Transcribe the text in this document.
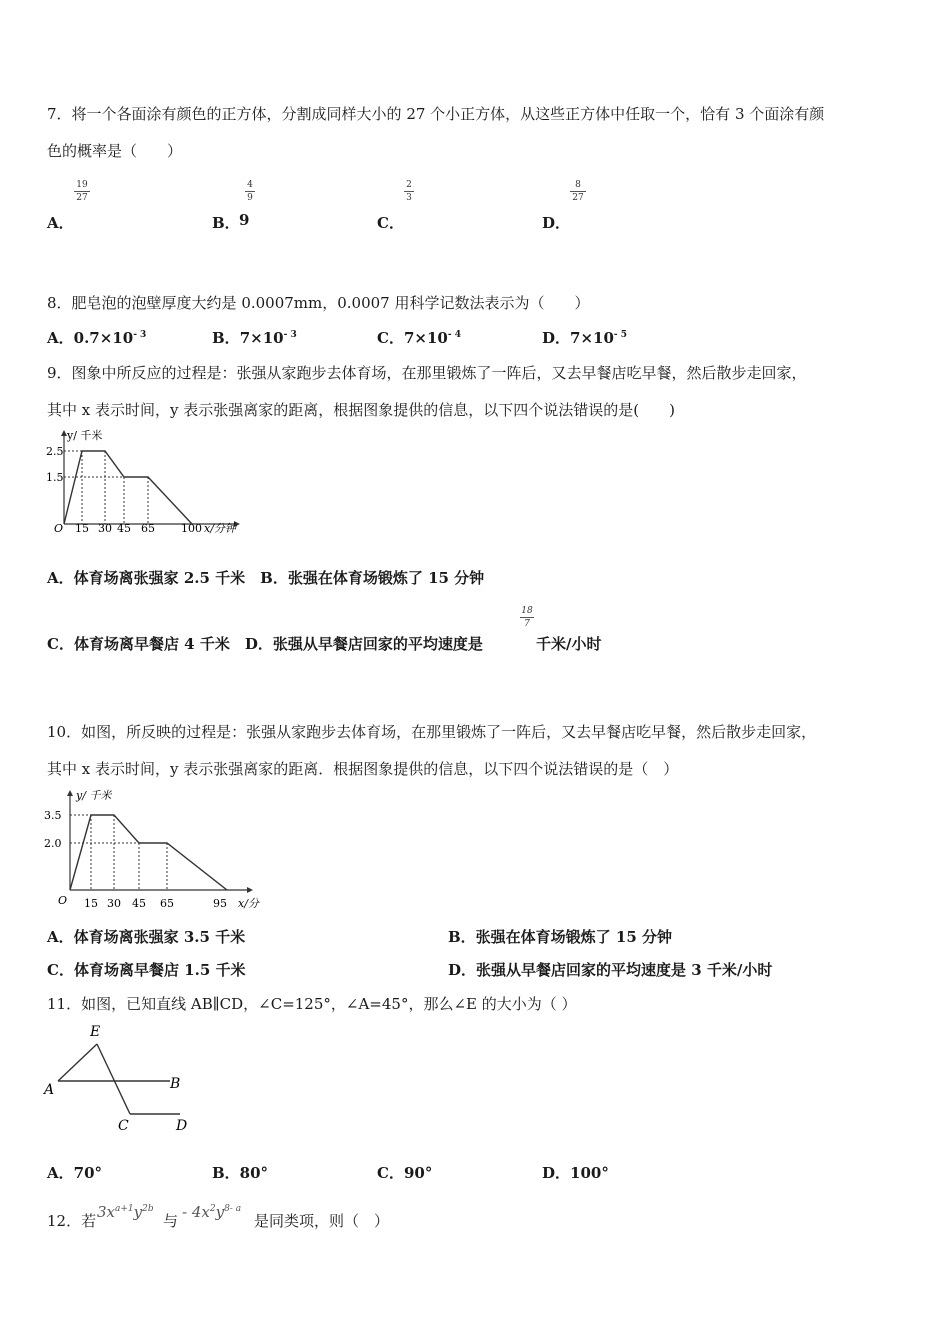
7．将一个各面涂有颜色的正方体，分割成同样大小的 27 个小正方体，从这些正方体中任取一个，恰有 3 个面涂有颜
色的概率是（　　）
A．
19
27
B．
4
9
9	C．
2
3
D．
8
27
8．肥皂泡的泡壁厚度大约是 0.0007mm，0.0007 用科学记数法表示为（　　）
A．$0.7\times 10^{- 3}$	B．$7\times 10^{- 3}$	C．$7\times 10^{- 4}$	D．$7\times 10^{- 5}$
9．图象中所反应的过程是：张强从家跑步去体育场，在那里锻炼了一阵后，又去早餐店吃早餐，然后散步走回家，
其中 x 表示时间，y 表示张强离家的距离，根据图象提供的信息，以下四个说法错误的是(　　)
y/ 千米
x/分钟
O
2.5
1.5
15 30 45 65 100
A．体育场离张强家 2.5 千米　B．张强在体育场锻炼了 15 分钟
C．体育场离早餐店 4 千米　D．张强从早餐店回家的平均速度是
18
7
千米/小时
10．如图，所反映的过程是：张强从家跑步去体育场，在那里锻炼了一阵后，又去早餐店吃早餐，然后散步走回家，
其中 x 表示时间，y 表示张强离家的距离．根据图象提供的信息，以下四个说法错误的是（　）
y/ 千米
x/分
O
3.5
2.0
15 30 45 65	95
A．体育场离张强家 3.5 千米	B．张强在体育场锻炼了 15 分钟
C．体育场离早餐店 1.5 千米	D．张强从早餐店回家的平均速度是 3 千米/小时
11．如图，已知直线 AB∥CD，∠C=125°，∠A=45°，那么∠E 的大小为（ ）
E
A	B
C	D
A．70°	B．80°	C．90°	D．100°
12．若 $3x^{a+1}y^{2b}$
与 - $4x^2y^{8- a}$
是同类项，则（　）
